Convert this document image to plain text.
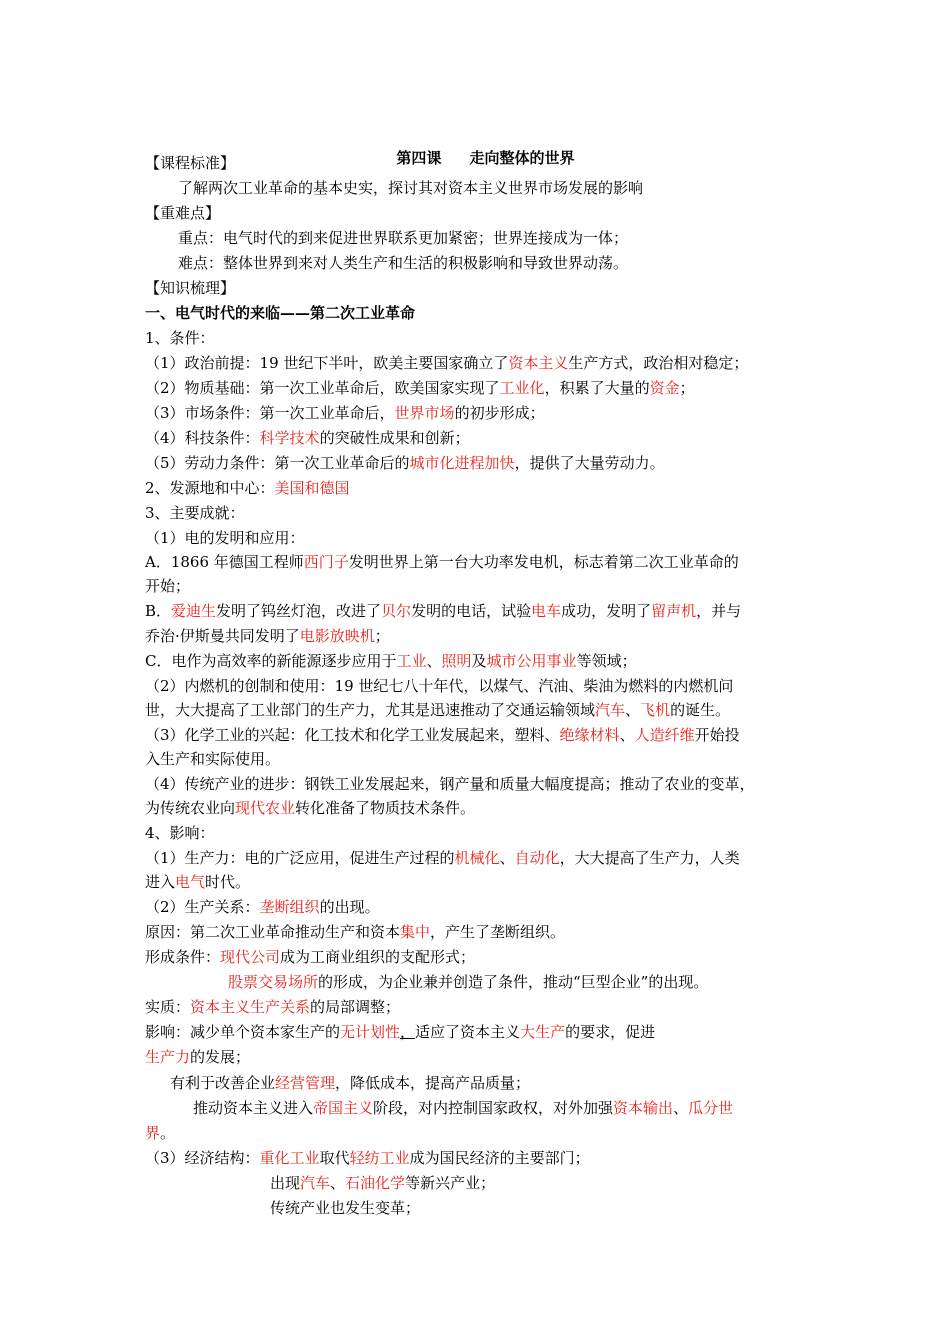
第四课 走向整体的世界

【课程标准】
了解两次工业革命的基本史实，探讨其对资本主义世界市场发展的影响
【重难点】
重点：电气时代的到来促进世界联系更加紧密；世界连接成为一体；
难点：整体世界到来对人类生产和生活的积极影响和导致世界动荡。
【知识梳理】
一、电气时代的来临——第二次工业革命
1、条件：
（1）政治前提：19 世纪下半叶，欧美主要国家确立了资本主义生产方式，政治相对稳定；
（2）物质基础：第一次工业革命后，欧美国家实现了工业化，积累了大量的资金；
（3）市场条件：第一次工业革命后，世界市场的初步形成；
（4）科技条件：科学技术的突破性成果和创新；
（5）劳动力条件：第一次工业革命后的城市化进程加快，提供了大量劳动力。
2、发源地和中心：美国和德国
3、主要成就：
（1）电的发明和应用：
A．1866 年德国工程师西门子发明世界上第一台大功率发电机，标志着第二次工业革命的
开始；
B．爱迪生发明了钨丝灯泡，改进了贝尔发明的电话，试验电车成功，发明了留声机，并与
乔治·伊斯曼共同发明了电影放映机；
C．电作为高效率的新能源逐步应用于工业、照明及城市公用事业等领域；
（2）内燃机的创制和使用：19 世纪七八十年代，以煤气、汽油、柴油为燃料的内燃机问
世，大大提高了工业部门的生产力，尤其是迅速推动了交通运输领域汽车、飞机的诞生。
（3）化学工业的兴起：化工技术和化学工业发展起来，塑料、绝缘材料、人造纤维开始投
入生产和实际使用。
（4）传统产业的进步：钢铁工业发展起来，钢产量和质量大幅度提高；推动了农业的变革，
为传统农业向现代农业转化准备了物质技术条件。
4、影响：
（1）生产力：电的广泛应用，促进生产过程的机械化、自动化，大大提高了生产力，人类
进入电气时代。
（2）生产关系：垄断组织的出现。
原因：第二次工业革命推动生产和资本集中，产生了垄断组织。
形成条件：现代公司成为工商业组织的支配形式；
股票交易场所的形成，为企业兼并创造了条件，推动“巨型企业”的出现。
实质：资本主义生产关系的局部调整；
影响：减少单个资本家生产的无计划性，适应了资本主义大生产的要求，促进
生产力的发展；
有利于改善企业经营管理，降低成本，提高产品质量；
推动资本主义进入帝国主义阶段，对内控制国家政权，对外加强资本输出、瓜分世
界。
（3）经济结构：重化工业取代轻纺工业成为国民经济的主要部门；
出现汽车、石油化学等新兴产业；
传统产业也发生变革；
